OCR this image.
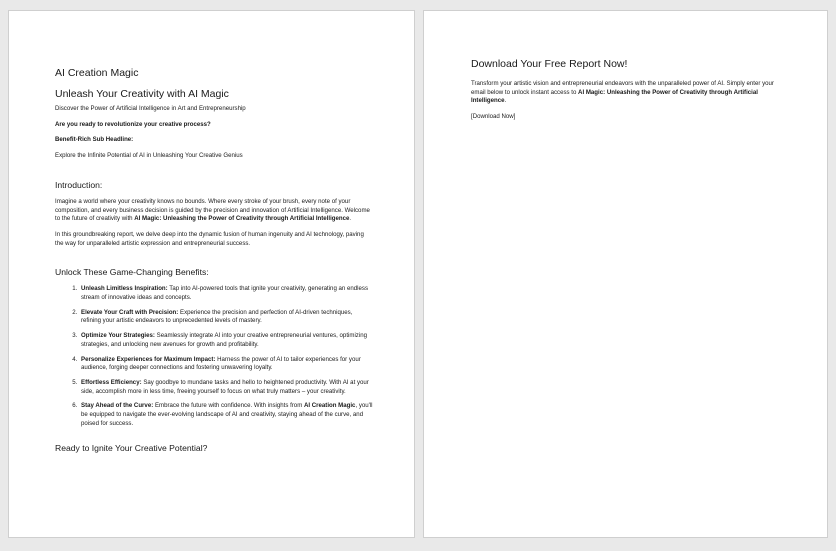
AI Creation Magic
Unleash Your Creativity with AI Magic

Discover the Power of Artificial Intelligence in Art and Entrepreneurship

Are you ready to revolutionize your creative process?

Benefit-Rich Sub Headline:

Explore the Infinite Potential of AI in Unleashing Your Creative Genius

Introduction:

Imagine a world where your creativity knows no bounds. Where every stroke of your brush, every note of your composition, and every business decision is guided by the precision and innovation of Artificial Intelligence. Welcome to the future of creativity with AI Magic: Unleashing the Power of Creativity through Artificial Intelligence.

In this groundbreaking report, we delve deep into the dynamic fusion of human ingenuity and AI technology, paving the way for unparalleled artistic expression and entrepreneurial success.

Unlock These Game-Changing Benefits:
1. Unleash Limitless Inspiration: Tap into AI-powered tools that ignite your creativity, generating an endless stream of innovative ideas and concepts.
2. Elevate Your Craft with Precision: Experience the precision and perfection of AI-driven techniques, refining your artistic endeavors to unprecedented levels of mastery.
3. Optimize Your Strategies: Seamlessly integrate AI into your creative entrepreneurial ventures, optimizing strategies, and unlocking new avenues for growth and profitability.
4. Personalize Experiences for Maximum Impact: Harness the power of AI to tailor experiences for your audience, forging deeper connections and fostering unwavering loyalty.
5. Effortless Efficiency: Say goodbye to mundane tasks and hello to heightened productivity. With AI at your side, accomplish more in less time, freeing yourself to focus on what truly matters – your creativity.
6. Stay Ahead of the Curve: Embrace the future with confidence. With insights from AI Creation Magic, you'll be equipped to navigate the ever-evolving landscape of AI and creativity, staying ahead of the curve, and poised for success.
Ready to Ignite Your Creative Potential?
Download Your Free Report Now!

Transform your artistic vision and entrepreneurial endeavors with the unparalleled power of AI. Simply enter your email below to unlock instant access to AI Magic: Unleashing the Power of Creativity through Artificial Intelligence.

[Download Now]
